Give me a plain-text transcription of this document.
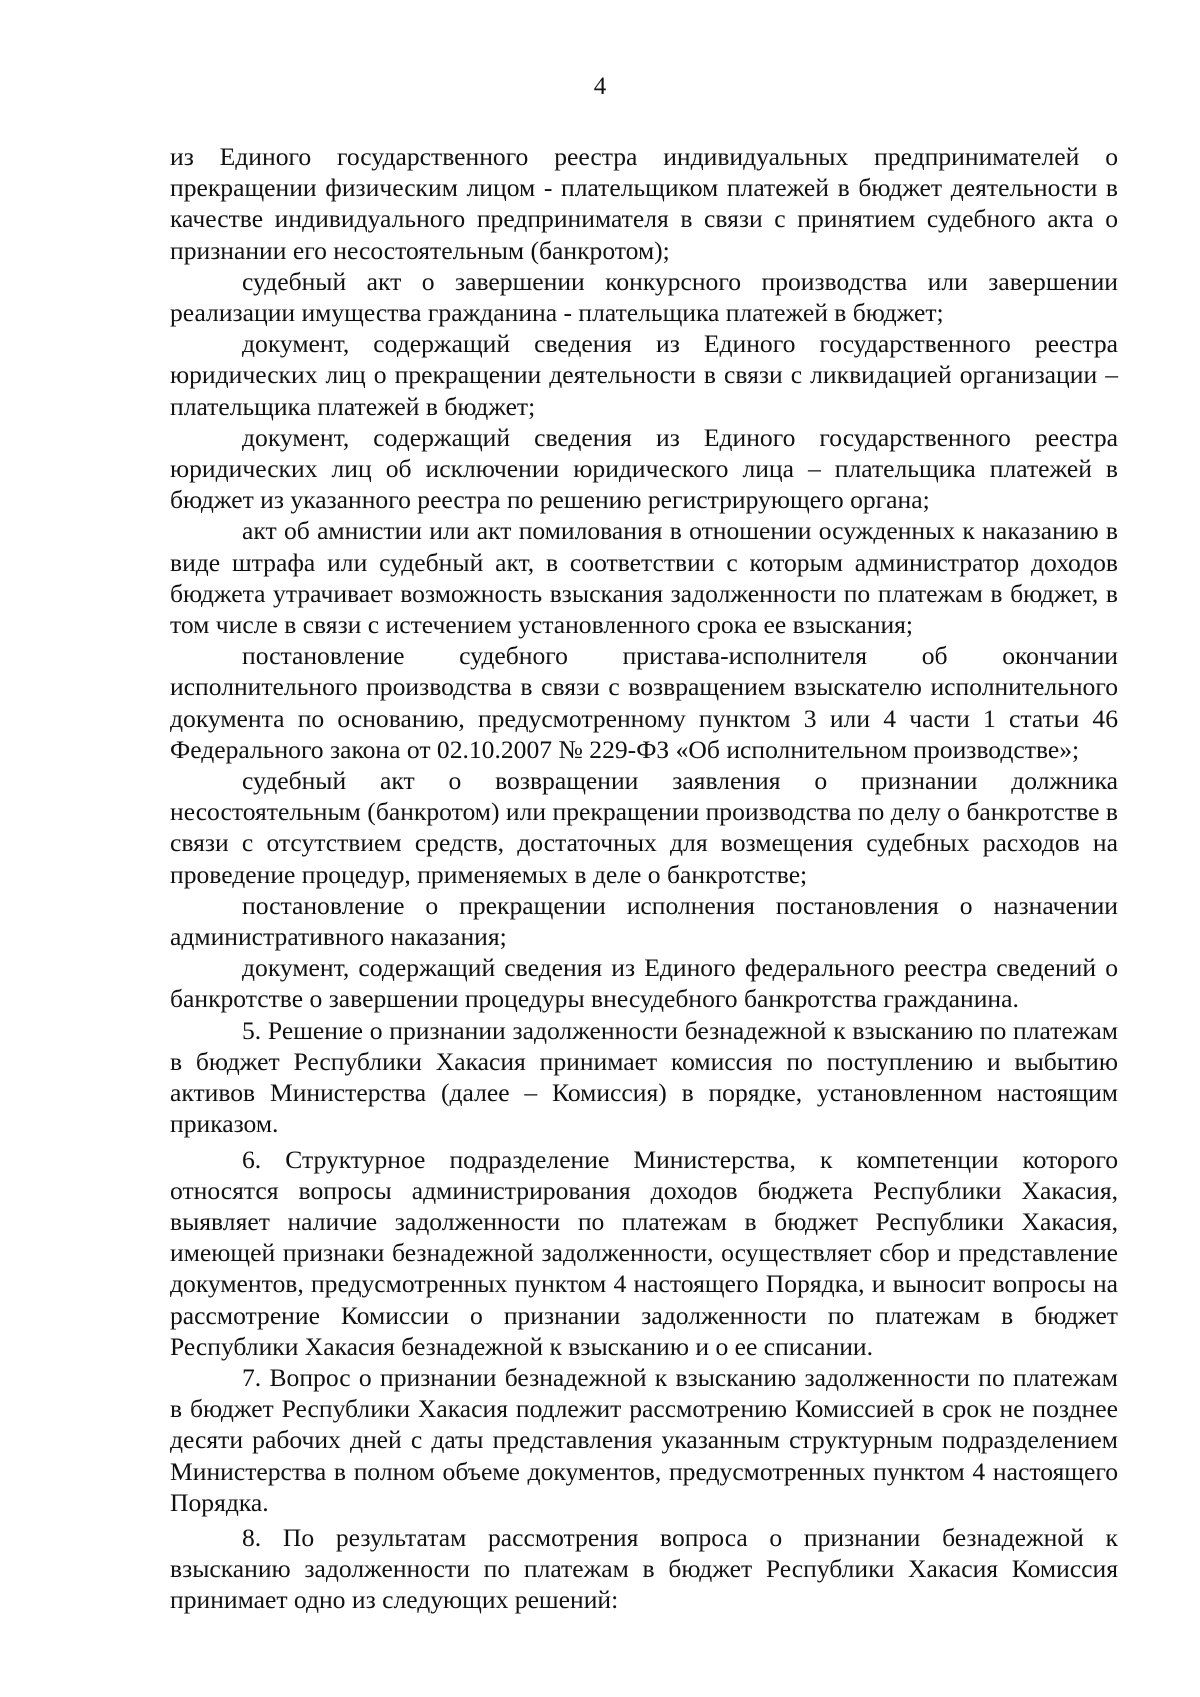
4

из Единого государственного реестра индивидуальных предпринимателей о прекращении физическим лицом - плательщиком платежей в бюджет деятельности в качестве индивидуального предпринимателя в связи с принятием судебного акта о признании его несостоятельным (банкротом);

судебный акт о завершении конкурсного производства или завершении реализации имущества гражданина - плательщика платежей в бюджет;

документ, содержащий сведения из Единого государственного реестра юридических лиц о прекращении деятельности в связи с ликвидацией организации – плательщика платежей в бюджет;

документ, содержащий сведения из Единого государственного реестра юридических лиц об исключении юридического лица – плательщика платежей в бюджет из указанного реестра по решению регистрирующего органа;

акт об амнистии или акт помилования в отношении осужденных к наказанию в виде штрафа или судебный акт, в соответствии с которым администратор доходов бюджета утрачивает возможность взыскания задолженности по платежам в бюджет, в том числе в связи с истечением установленного срока ее взыскания;

постановление судебного пристава-исполнителя об окончании исполнительного производства в связи с возвращением взыскателю исполнительного документа по основанию, предусмотренному пунктом 3 или 4 части 1 статьи 46 Федерального закона от 02.10.2007 № 229-ФЗ «Об исполнительном производстве»;

судебный акт о возвращении заявления о признании должника несостоятельным (банкротом) или прекращении производства по делу о банкротстве в связи с отсутствием средств, достаточных для возмещения судебных расходов на проведение процедур, применяемых в деле о банкротстве;

постановление о прекращении исполнения постановления о назначении административного наказания;

документ, содержащий сведения из Единого федерального реестра сведений о банкротстве о завершении процедуры внесудебного банкротства гражданина.

5. Решение о признании задолженности безнадежной к взысканию по платежам в бюджет Республики Хакасия принимает комиссия по поступлению и выбытию активов Министерства (далее – Комиссия) в порядке, установленном настоящим приказом.

6. Структурное подразделение Министерства, к компетенции которого относятся вопросы администрирования доходов бюджета Республики Хакасия, выявляет наличие задолженности по платежам в бюджет Республики Хакасия, имеющей признаки безнадежной задолженности, осуществляет сбор и представление документов, предусмотренных пунктом 4 настоящего Порядка, и выносит вопросы на рассмотрение Комиссии о признании задолженности по платежам в бюджет Республики Хакасия безнадежной к взысканию и о ее списании.

7. Вопрос о признании безнадежной к взысканию задолженности по платежам в бюджет Республики Хакасия подлежит рассмотрению Комиссией в срок не позднее десяти рабочих дней с даты представления указанным структурным подразделением Министерства в полном объеме документов, предусмотренных пунктом 4 настоящего Порядка.

8. По результатам рассмотрения вопроса о признании безнадежной к взысканию задолженности по платежам в бюджет Республики Хакасия Комиссия принимает одно из следующих решений:
